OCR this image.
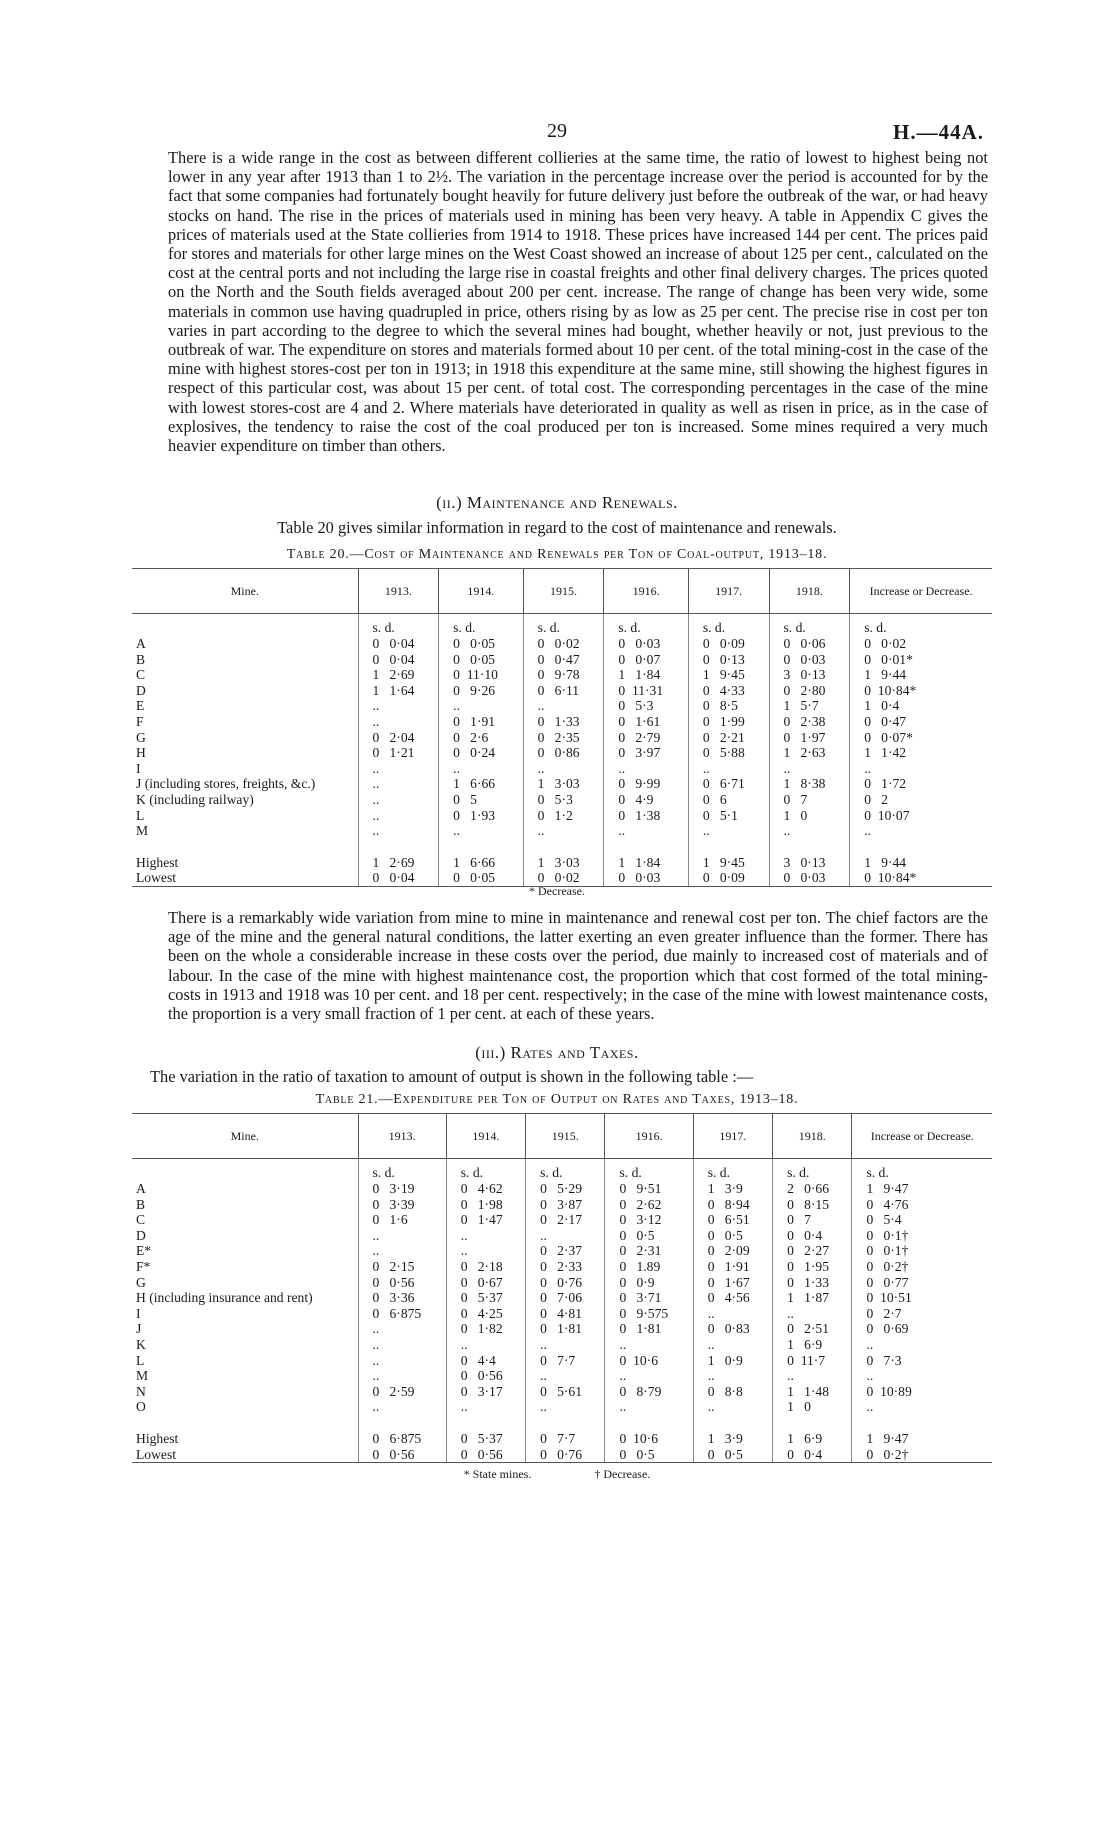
29	H.—44A.
There is a wide range in the cost as between different collieries at the same time, the ratio of lowest to highest being not lower in any year after 1913 than 1 to 2½. The variation in the percentage increase over the period is accounted for by the fact that some companies had fortunately bought heavily for future delivery just before the outbreak of the war, or had heavy stocks on hand. The rise in the prices of materials used in mining has been very heavy. A table in Appendix C gives the prices of materials used at the State collieries from 1914 to 1918. These prices have increased 144 per cent. The prices paid for stores and materials for other large mines on the West Coast showed an increase of about 125 per cent., calculated on the cost at the central ports and not including the large rise in coastal freights and other final delivery charges. The prices quoted on the North and the South fields averaged about 200 per cent. increase. The range of change has been very wide, some materials in common use having quadrupled in price, others rising by as low as 25 per cent. The precise rise in cost per ton varies in part according to the degree to which the several mines had bought, whether heavily or not, just previous to the outbreak of war. The expenditure on stores and materials formed about 10 per cent. of the total mining-cost in the case of the mine with highest stores-cost per ton in 1913; in 1918 this expenditure at the same mine, still showing the highest figures in respect of this particular cost, was about 15 per cent. of total cost. The corresponding percentages in the case of the mine with lowest stores-cost are 4 and 2. Where materials have deteriorated in quality as well as risen in price, as in the case of explosives, the tendency to raise the cost of the coal produced per ton is increased. Some mines required a very much heavier expenditure on timber than others.
(ii.) Maintenance and Renewals.
Table 20 gives similar information in regard to the cost of maintenance and renewals.
Table 20.—Cost of Maintenance and Renewals per Ton of Coal-output, 1913–18.
Mine.	1913.	1914.	1915.	1916.	1917.	1918.	Increase or Decrease.
	s. d.	s. d.	s. d.	s. d.	s. d.	s. d.	s. d.
A	0   0·04	0   0·05	0   0·02	0   0·03	0   0·09	0   0·06	0   0·02
B	0   0·04	0   0·05	0   0·47	0   0·07	0   0·13	0   0·03	0   0·01*
C	1   2·69	0  11·10	0   9·78	1   1·84	1   9·45	3   0·13	1   9·44
D	1   1·64	0   9·26	0   6·11	0  11·31	0   4·33	0   2·80	0  10·84*
E	..	..	..	0   5·3	0   8·5	1   5·7	1   0·4
F	..	0   1·91	0   1·33	0   1·61	0   1·99	0   2·38	0   0·47
G	0   2·04	0   2·6	0   2·35	0   2·79	0   2·21	0   1·97	0   0·07*
H	0   1·21	0   0·24	0   0·86	0   3·97	0   5·88	1   2·63	1   1·42
I	..	..	..	..	..	..	..
J (including stores, freights, &c.)	..	1   6·66	1   3·03	0   9·99	0   6·71	1   8·38	0   1·72
K (including railway)	..	0   5	0   5·3	0   4·9	0   6	0   7	0   2
L	..	0   1·93	0   1·2	0   1·38	0   5·1	1   0	0  10·07
M	..	..	..	..	..	..	..

Highest	1   2·69	1   6·66	1   3·03	1   1·84	1   9·45	3   0·13	1   9·44
Lowest	0   0·04	0   0·05	0   0·02	0   0·03	0   0·09	0   0·03	0  10·84*
* Decrease.
There is a remarkably wide variation from mine to mine in maintenance and renewal cost per ton. The chief factors are the age of the mine and the general natural conditions, the latter exerting an even greater influence than the former. There has been on the whole a considerable increase in these costs over the period, due mainly to increased cost of materials and of labour. In the case of the mine with highest maintenance cost, the proportion which that cost formed of the total mining-costs in 1913 and 1918 was 10 per cent. and 18 per cent. respectively; in the case of the mine with lowest maintenance costs, the proportion is a very small fraction of 1 per cent. at each of these years.
(iii.) Rates and Taxes.
The variation in the ratio of taxation to amount of output is shown in the following table :—
Table 21.—Expenditure per Ton of Output on Rates and Taxes, 1913–18.
Mine.	1913.	1914.	1915.	1916.	1917.	1918.	Increase or Decrease.
	s. d.	s. d.	s. d.	s. d.	s. d.	s. d.	s. d.
A	0   3·19	0   4·62	0   5·29	0   9·51	1   3·9	2   0·66	1   9·47
B	0   3·39	0   1·98	0   3·87	0   2·62	0   8·94	0   8·15	0   4·76
C	0   1·6	0   1·47	0   2·17	0   3·12	0   6·51	0   7	0   5·4
D	..	..	..	0   0·5	0   0·5	0   0·4	0   0·1†
E*	..	..	0   2·37	0   2·31	0   2·09	0   2·27	0   0·1†
F*	0   2·15	0   2·18	0   2·33	0   1.89	0   1·91	0   1·95	0   0·2†
G	0   0·56	0   0·67	0   0·76	0   0·9	0   1·67	0   1·33	0   0·77
H (including insurance and rent)	0   3·36	0   5·37	0   7·06	0   3·71	0   4·56	1   1·87	0  10·51
I	0   6·875	0   4·25	0   4·81	0   9·575	..	..	0   2·7
J	..	0   1·82	0   1·81	0   1·81	0   0·83	0   2·51	0   0·69
K	..	..	..	..	..	1   6·9	..
L	..	0   4·4	0   7·7	0  10·6	1   0·9	0  11·7	0   7·3
M	..	0   0·56	..	..	..	..	..
N	0   2·59	0   3·17	0   5·61	0   8·79	0   8·8	1   1·48	0  10·89
O	..	..	..	..	..	1   0	..

Highest	0   6·875	0   5·37	0   7·7	0  10·6	1   3·9	1   6·9	1   9·47
Lowest	0   0·56	0   0·56	0   0·76	0   0·5	0   0·5	0   0·4	0   0·2†
* State mines.	† Decrease.
